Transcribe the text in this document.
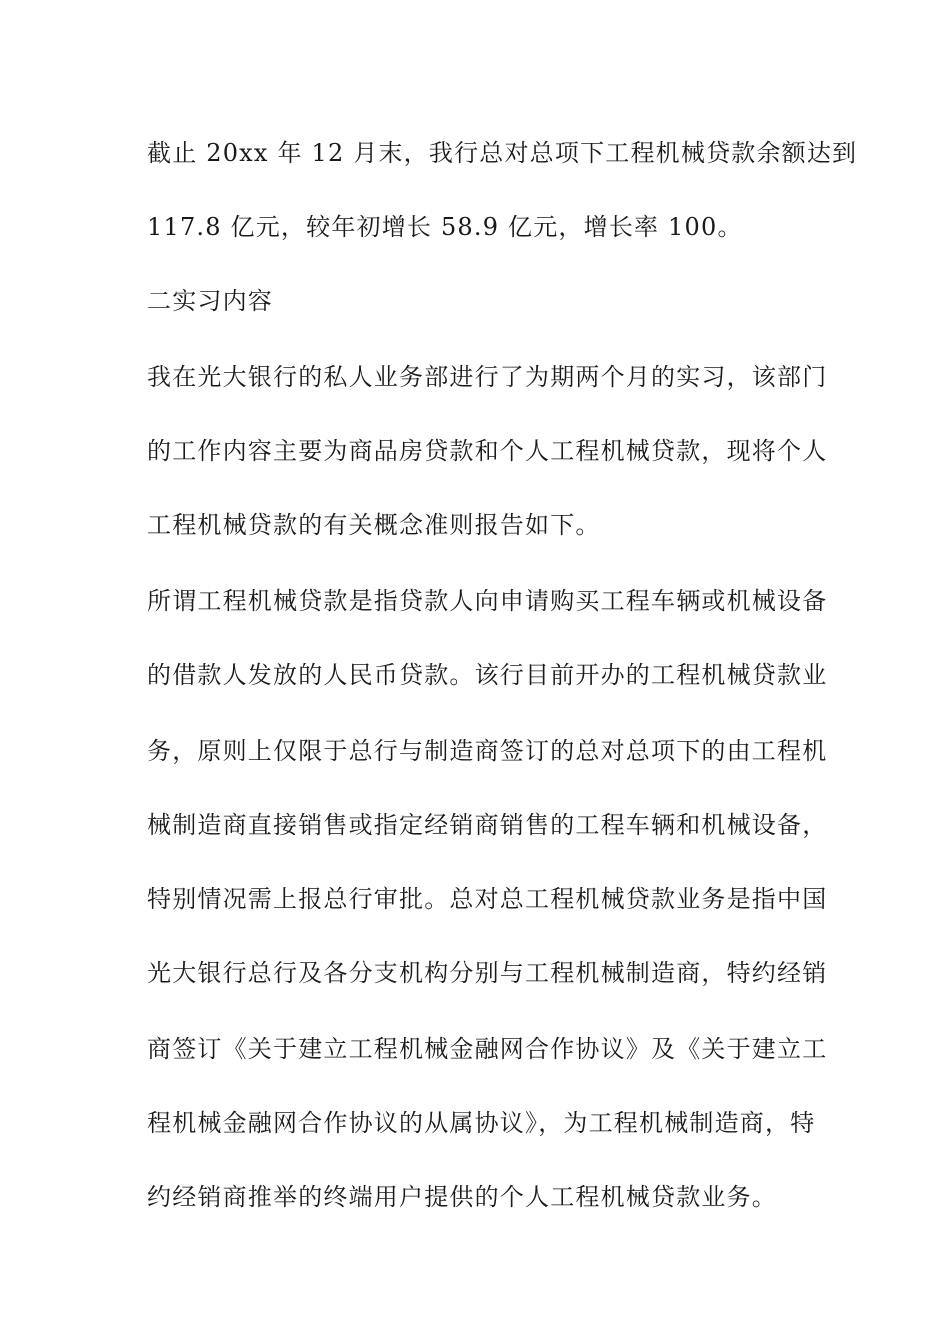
截止 20xx 年 12 月末，我行总对总项下工程机械贷款余额达到
117.8 亿元，较年初增长 58.9 亿元，增长率 100。
二实习内容
我在光大银行的私人业务部进行了为期两个月的实习，该部门
的工作内容主要为商品房贷款和个人工程机械贷款，现将个人
工程机械贷款的有关概念准则报告如下。
所谓工程机械贷款是指贷款人向申请购买工程车辆或机械设备
的借款人发放的人民币贷款。该行目前开办的工程机械贷款业
务，原则上仅限于总行与制造商签订的总对总项下的由工程机
械制造商直接销售或指定经销商销售的工程车辆和机械设备，
特别情况需上报总行审批。总对总工程机械贷款业务是指中国
光大银行总行及各分支机构分别与工程机械制造商，特约经销
商签订《关于建立工程机械金融网合作协议》及《关于建立工
程机械金融网合作协议的从属协议》，为工程机械制造商，特
约经销商推举的终端用户提供的个人工程机械贷款业务。
